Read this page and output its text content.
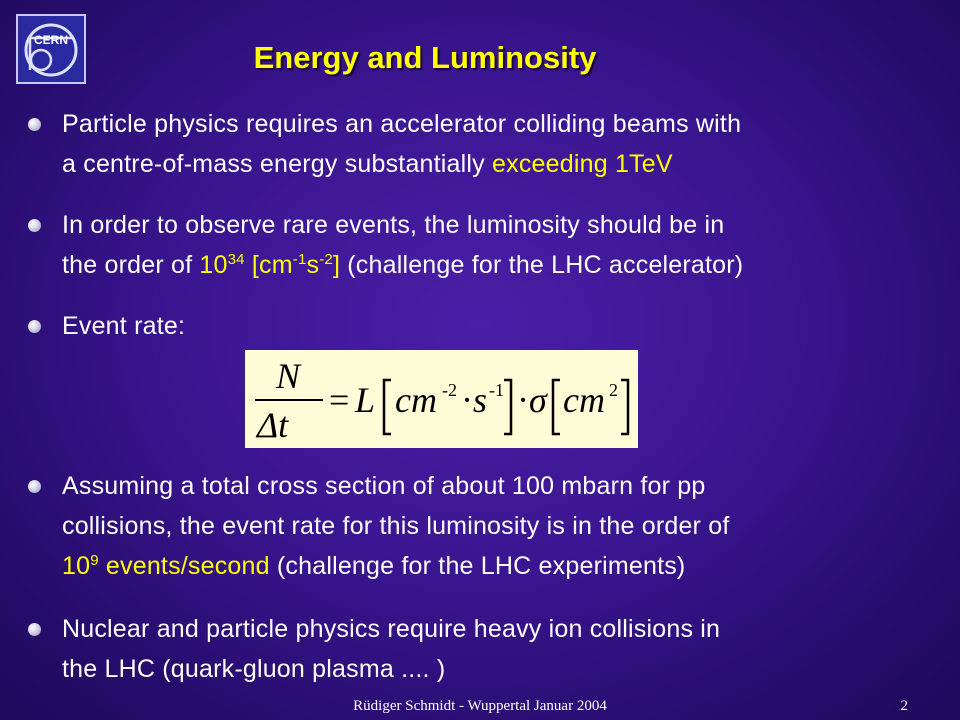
CERN	Energy and Luminosity
Particle physics requires an accelerator colliding beams with
a centre-of-mass energy substantially exceeding 1TeV
In order to observe rare events, the luminosity should be in
the order of $10^{34}$ $[cm^{-1}s^{-2}]$ (challenge for the LHC accelerator)
Event rate:
N
Δt
= L cm -2 · s -1 · σ cm 2
Assuming a total cross section of about 100 mbarn for pp
collisions, the event rate for this luminosity is in the order of
$10^9$ events/second (challenge for the LHC experiments)
Nuclear and particle physics require heavy ion collisions in
the LHC (quark-gluon plasma .... )
Rüdiger Schmidt - Wuppertal Januar 2004	2
